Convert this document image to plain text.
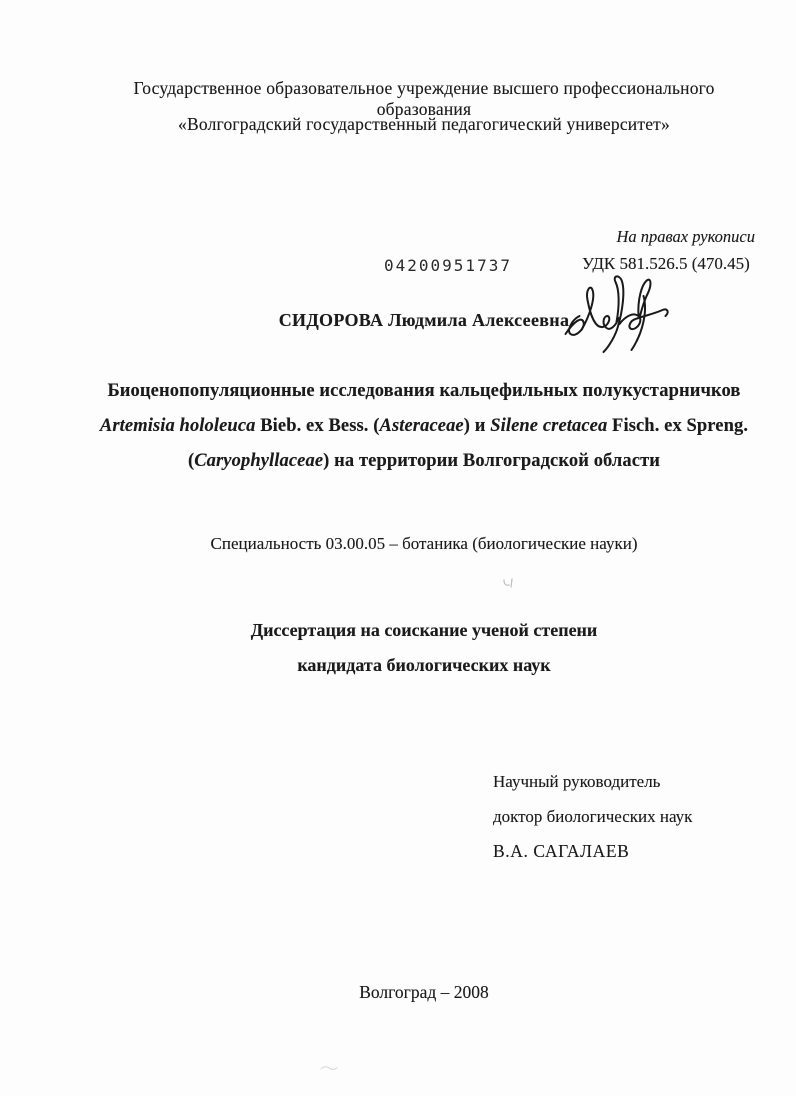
Государственное образовательное учреждение высшего профессионального образования
«Волгоградский государственный педагогический университет»
На правах рукописи
04200951737	УДК 581.526.5 (470.45)
СИДОРОВА Людмила Алексеевна
Биоценопопуляционные исследования кальцефильных полукустарничков
Artemisia hololeuca Bieb. ex Bess. (Asteraceae) и Silene cretacea Fisch. ex Spreng.
(Caryophyllaceae) на территории Волгоградской области
Специальность 03.00.05 – ботаника (биологические науки)
Диссертация на соискание ученой степени
кандидата биологических наук
Научный руководитель
доктор биологических наук
В.А. САГАЛАЕВ
Волгоград – 2008
